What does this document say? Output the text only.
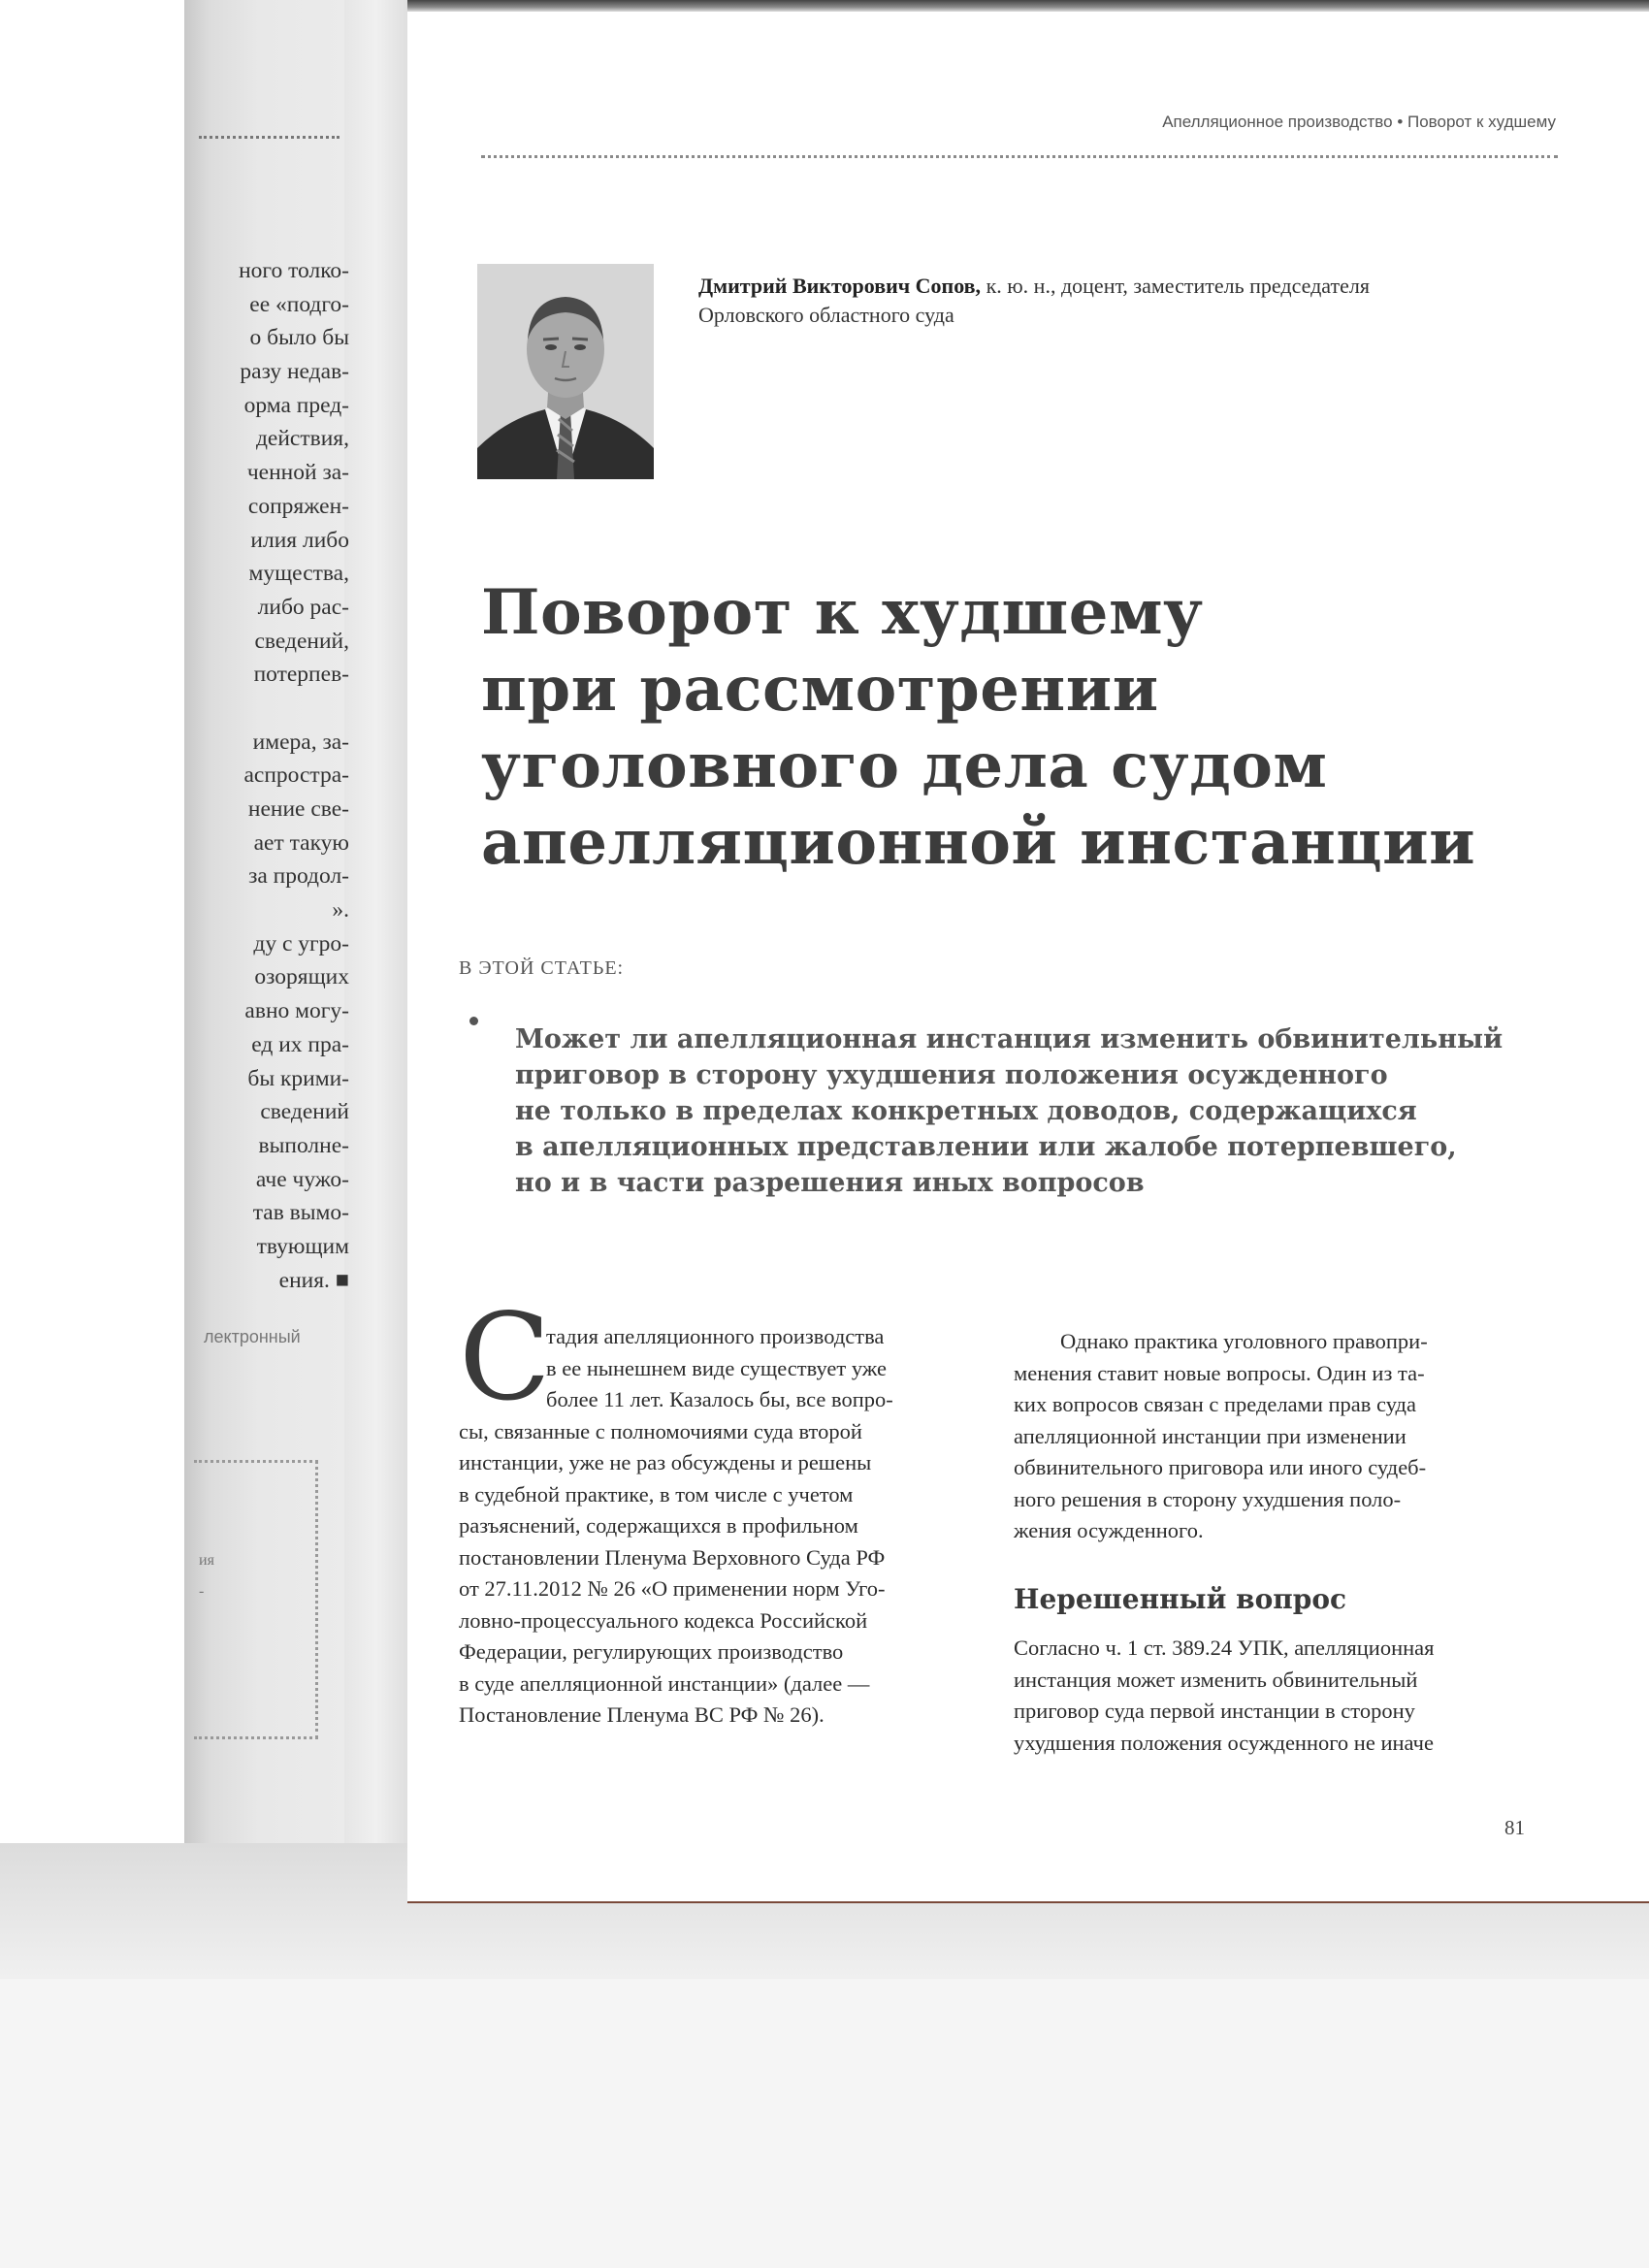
ного толко-
ее «подго-
о было бы
разу недав-
орма пред-
действия,
ченной за-
сопряжен-
илия либо
мущества,
либо рас-
сведений,
потерпев-
имера, за-
аспростра-
нение све-
ает такую
за продол-
».
ду с угро-
озорящих
авно могу-
ед их пра-
бы крими-
сведений
выполне-
аче чужо-
тав вымо-
твующим
ения. ■
лектронный
ия
-
Апелляционное производство • Поворот к худшему
Дмитрий Викторович Сопов, к. ю. н., доцент, заместитель председателя
Орловского областного суда
Поворот к худшему
при рассмотрении
уголовного дела судом
апелляционной инстанции
В ЭТОЙ СТАТЬЕ:
Может ли апелляционная инстанция изменить обвинительный
приговор в сторону ухудшения положения осужденного
не только в пределах конкретных доводов, содержащихся
в апелляционных представлении или жалобе потерпевшего,
но и в части разрешения иных вопросов
С
тадия апелляционного производства
в ее нынешнем виде существует уже
более 11 лет. Казалось бы, все вопро-
сы, связанные с полномочиями суда второй
инстанции, уже не раз обсуждены и решены
в судебной практике, в том числе с учетом
разъяснений, содержащихся в профильном
постановлении Пленума Верховного Суда РФ
от 27.11.2012 № 26 «О применении норм Уго-
ловно-процессуального кодекса Российской
Федерации, регулирующих производство
в суде апелляционной инстанции» (далее —
Постановление Пленума ВС РФ № 26).
Однако практика уголовного правопри-
менения ставит новые вопросы. Один из та-
ких вопросов связан с пределами прав суда
апелляционной инстанции при изменении
обвинительного приговора или иного судеб-
ного решения в сторону ухудшения поло-
жения осужденного.
Нерешенный вопрос
Согласно ч. 1 ст. 389.24 УПК, апелляционная
инстанция может изменить обвинительный
приговор суда первой инстанции в сторону
ухудшения положения осужденного не иначе
81
